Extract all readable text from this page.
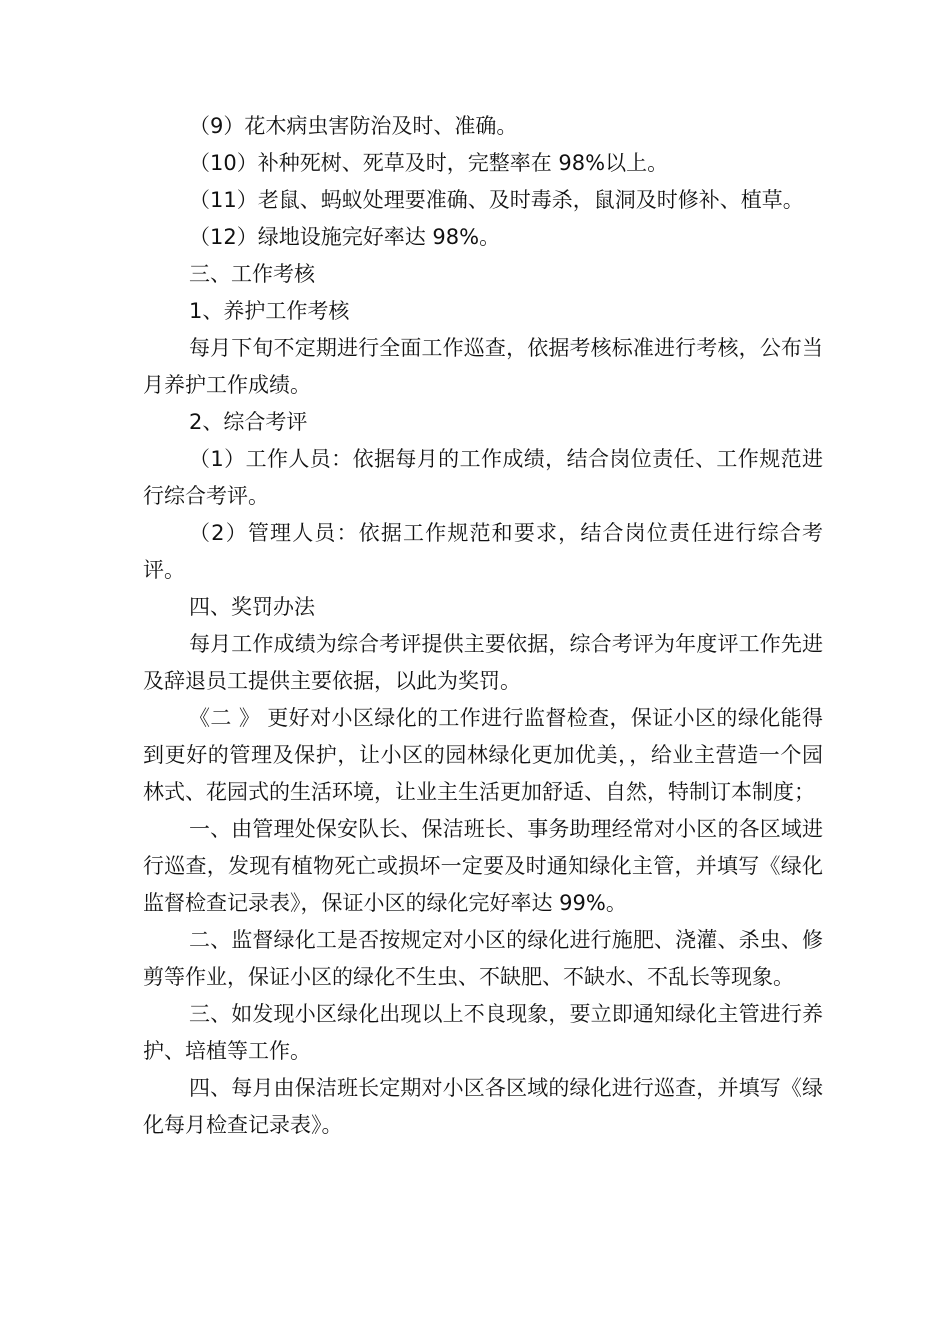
（9）花木病虫害防治及时、准确。

（10）补种死树、死草及时，完整率在 98%以上。

（11）老鼠、蚂蚁处理要准确、及时毒杀，鼠洞及时修补、植草。

（12）绿地设施完好率达 98%。

三、工作考核

1、养护工作考核

每月下旬不定期进行全面工作巡查，依据考核标准进行考核，公布当月养护工作成绩。

2、综合考评

（1）工作人员：依据每月的工作成绩，结合岗位责任、工作规范进行综合考评。

（2）管理人员：依据工作规范和要求，结合岗位责任进行综合考评。

四、奖罚办法

每月工作成绩为综合考评提供主要依据，综合考评为年度评工作先进及辞退员工提供主要依据，以此为奖罚。

《二 》 更好对小区绿化的工作进行监督检查，保证小区的绿化能得到更好的管理及保护，让小区的园林绿化更加优美，，给业主营造一个园林式、花园式的生活环境，让业主生活更加舒适、自然，特制订本制度；

一、由管理处保安队长、保洁班长、事务助理经常对小区的各区域进行巡查，发现有植物死亡或损坏一定要及时通知绿化主管，并填写《绿化监督检查记录表》，保证小区的绿化完好率达 99%。

二、监督绿化工是否按规定对小区的绿化进行施肥、浇灌、杀虫、修剪等作业，保证小区的绿化不生虫、不缺肥、不缺水、不乱长等现象。

三、如发现小区绿化出现以上不良现象，要立即通知绿化主管进行养护、培植等工作。

四、每月由保洁班长定期对小区各区域的绿化进行巡查，并填写《绿化每月检查记录表》。
